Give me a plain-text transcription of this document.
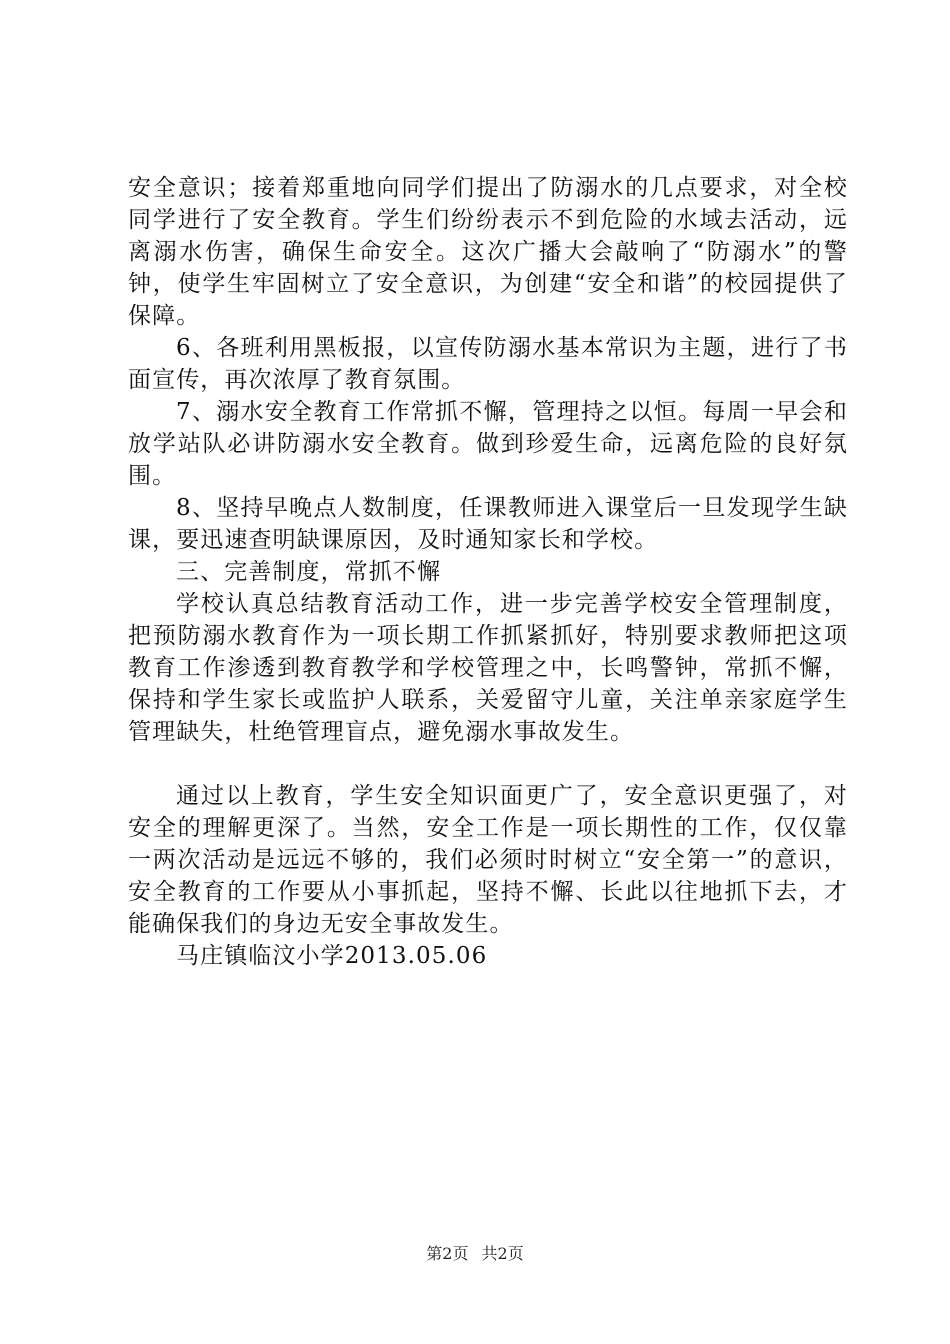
安全意识；接着郑重地向同学们提出了防溺水的几点要求，对全校同学进行了安全教育。学生们纷纷表示不到危险的水域去活动，远离溺水伤害，确保生命安全。这次广播大会敲响了“防溺水”的警钟，使学生牢固树立了安全意识，为创建“安全和谐”的校园提供了保障。

6、各班利用黑板报，以宣传防溺水基本常识为主题，进行了书面宣传，再次浓厚了教育氛围。

7、溺水安全教育工作常抓不懈，管理持之以恒。每周一早会和放学站队必讲防溺水安全教育。做到珍爱生命，远离危险的良好氛围。

8、坚持早晚点人数制度，任课教师进入课堂后一旦发现学生缺课，要迅速查明缺课原因，及时通知家长和学校。

三、完善制度，常抓不懈

学校认真总结教育活动工作，进一步完善学校安全管理制度，把预防溺水教育作为一项长期工作抓紧抓好，特别要求教师把这项教育工作渗透到教育教学和学校管理之中，长鸣警钟，常抓不懈，保持和学生家长或监护人联系，关爱留守儿童，关注单亲家庭学生管理缺失，杜绝管理盲点，避免溺水事故发生。

通过以上教育，学生安全知识面更广了，安全意识更强了，对安全的理解更深了。当然，安全工作是一项长期性的工作，仅仅靠一两次活动是远远不够的，我们必须时时树立“安全第一”的意识，安全教育的工作要从小事抓起，坚持不懈、长此以往地抓下去，才能确保我们的身边无安全事故发生。

马庄镇临汶小学2013.05.06

第2页 共2页
